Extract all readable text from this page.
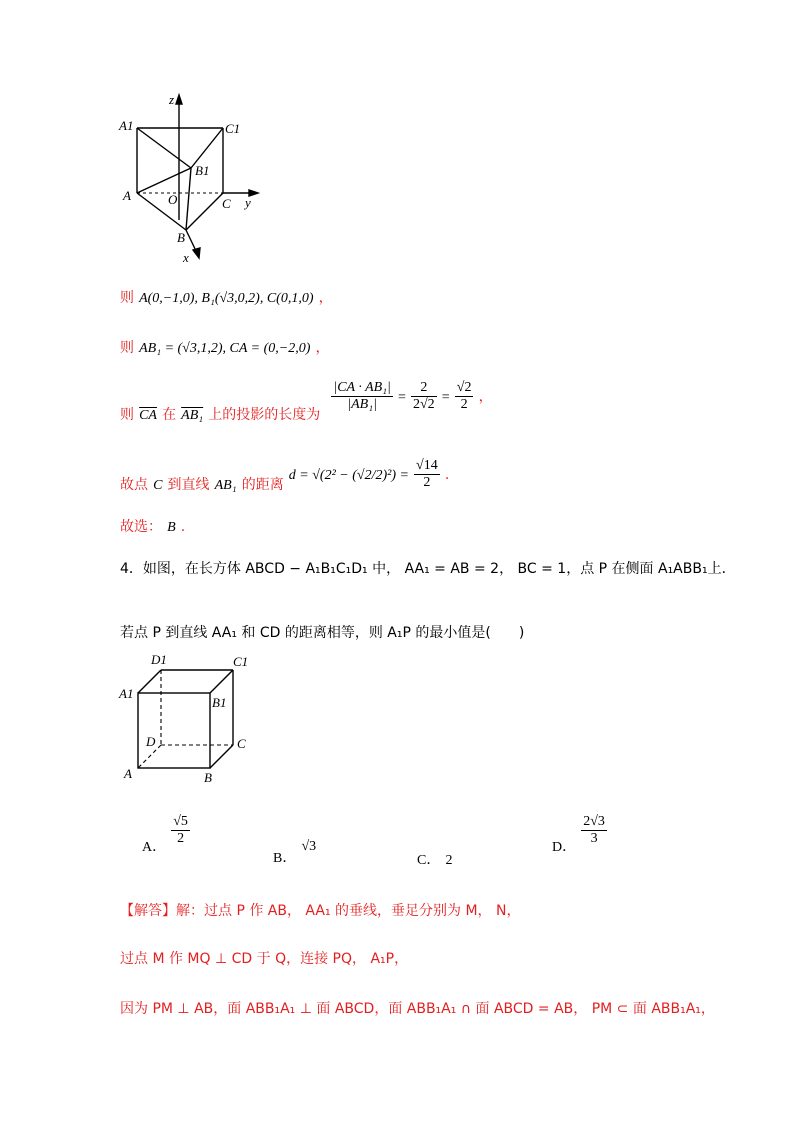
z
A1	C1
B1
A	O	C y
B
x
则 A(0,−1,0), B₁(√3,0,2), C(0,1,0) ，
则 AB₁ = (√3,1,2), CA = (0,−2,0) ，
则 $\overline{CA}$ 在 AB₁ 上的投影的长度为
$\frac{\text{|CA · AB₁|}}{\text{|AB₁|}} = \frac{2}{2√2} = \frac{√2}{2}$ ，
故点 C 到直线 AB₁ 的距离 $d = √(2^2 - (√2/2)^2) = \frac{√14}{2}$ .
故选： B .
4．如图，在长方体 ABCD − A₁B₁C₁D₁ 中， AA₁ = AB = 2， BC = 1，点 P 在侧面 A₁ABB₁上．
若点 P 到直线 AA₁ 和 CD 的距离相等，则 A₁P 的最小值是(　　)
D1	C1
A1
B1
D	C
A	B
A．
$\frac{√5}{2}$
B． √3
C． 2
D．
$\frac{2√3}{3}$
【解答】解：过点 P 作 AB， AA₁ 的垂线，垂足分别为 M， N，
过点 M 作 MQ ⊥ CD 于 Q，连接 PQ， A₁P，
因为 PM ⊥ AB，面 ABB₁A₁ ⊥ 面 ABCD，面 ABB₁A₁ ∩ 面 ABCD = AB， PM ⊂ 面 ABB₁A₁，
